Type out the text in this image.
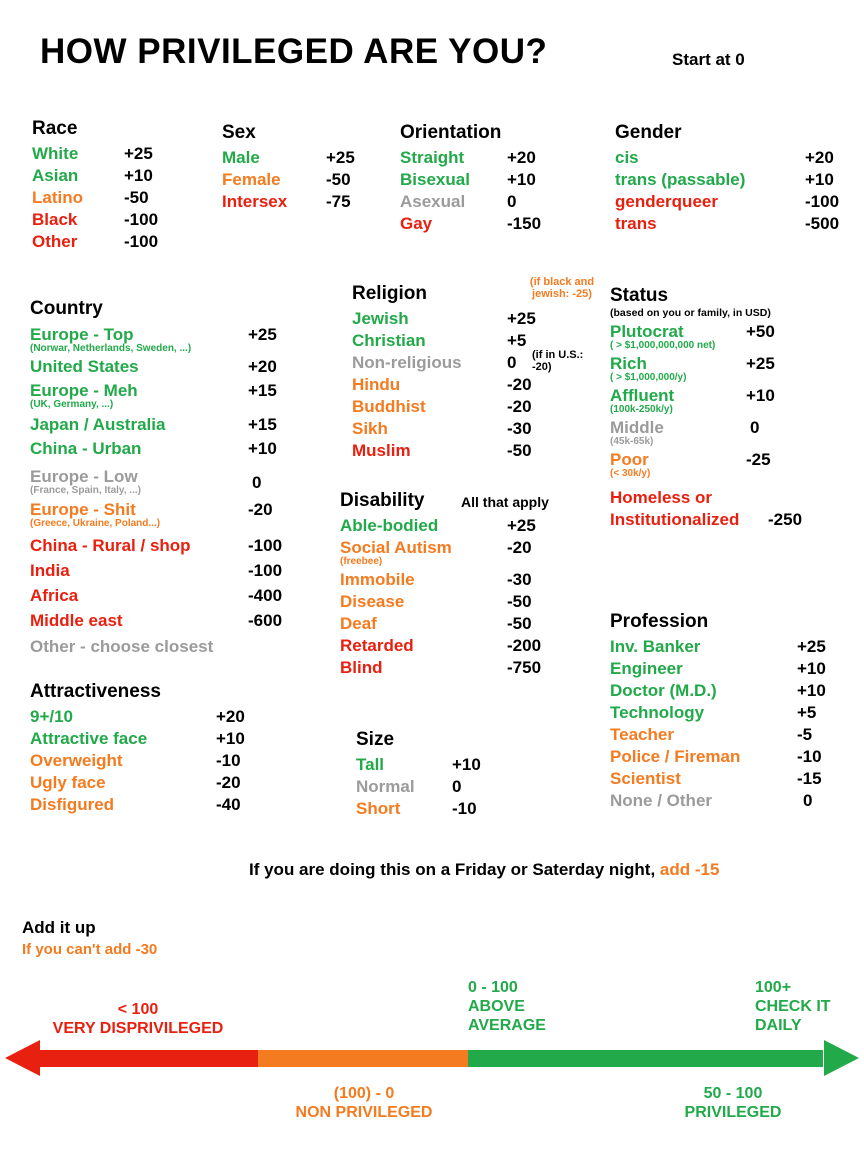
HOW PRIVILEGED ARE YOU?	Start at 0
Race
White	+25
Asian	+10
Latino -50
Black	-100
Other	-100
Sex
Male	+25
Female	-50
Intersex -75
Orientation
Straight	+20
Bisexual +10
Asexual 0
Gay	-150
Gender
cis	+20
trans (passable)	+10
genderqueer	-100
trans	-500
Country
Europe - Top	+25
(Norwar, Netherlands, Sweden, ...)
United States	+20
Europe - Meh	+15
(UK, Germany, ...)
Japan / Australia	+15
China - Urban	+10
Europe - Low	0
(France, Spain, Italy, ...)
Europe - Shit	-20
(Greece, Ukraine, Poland...)
China - Rural / shop	-100
India	-100
Africa	-400
Middle east	-600
Other - choose closest
Attractiveness
9+/10	+20
Attractive face	+10
Overweight	-10
Ugly face	-20
Disfigured	-40
Religion
Jewish	+25
Christian	+5
Non-religious	0
Hindu	-20
Buddhist	-20
Sikh	-30
Muslim	-50
(if black and jewish: -25)
(if in U.S.: -20)
Disability
Able-bodied	+25
Social Autism	-20
(freebee)
Immobile	-30
Disease	-50
Deaf	-50
Retarded	-200
Blind	-750
All that apply
Size
Tall	+10
Normal 0
Short	-10
Status
(based on you or family, in USD)
Plutocrat	+50
( > $1,000,000,000 net)
Rich	+25
( > $1,000,000/y)
Affluent	+10
(100k-250k/y)
Middle	0
(45k-65k)
Poor	-25
(< 30k/y)
Homeless or
Institutionalized -250
Profession
Inv. Banker	+25
Engineer	+10
Doctor (M.D.)	+10
Technology	+5
Teacher	-5
Police / Fireman	-10
Scientist	-15
None / Other	0
If you are doing this on a Friday or Saterday night, add -15
Add it up
If you can't add -30
< 100
VERY DISPRIVILEGED
(100) - 0
NON PRIVILEGED
0 - 100
ABOVE
AVERAGE
50 - 100
PRIVILEGED
100+
CHECK IT
DAILY
